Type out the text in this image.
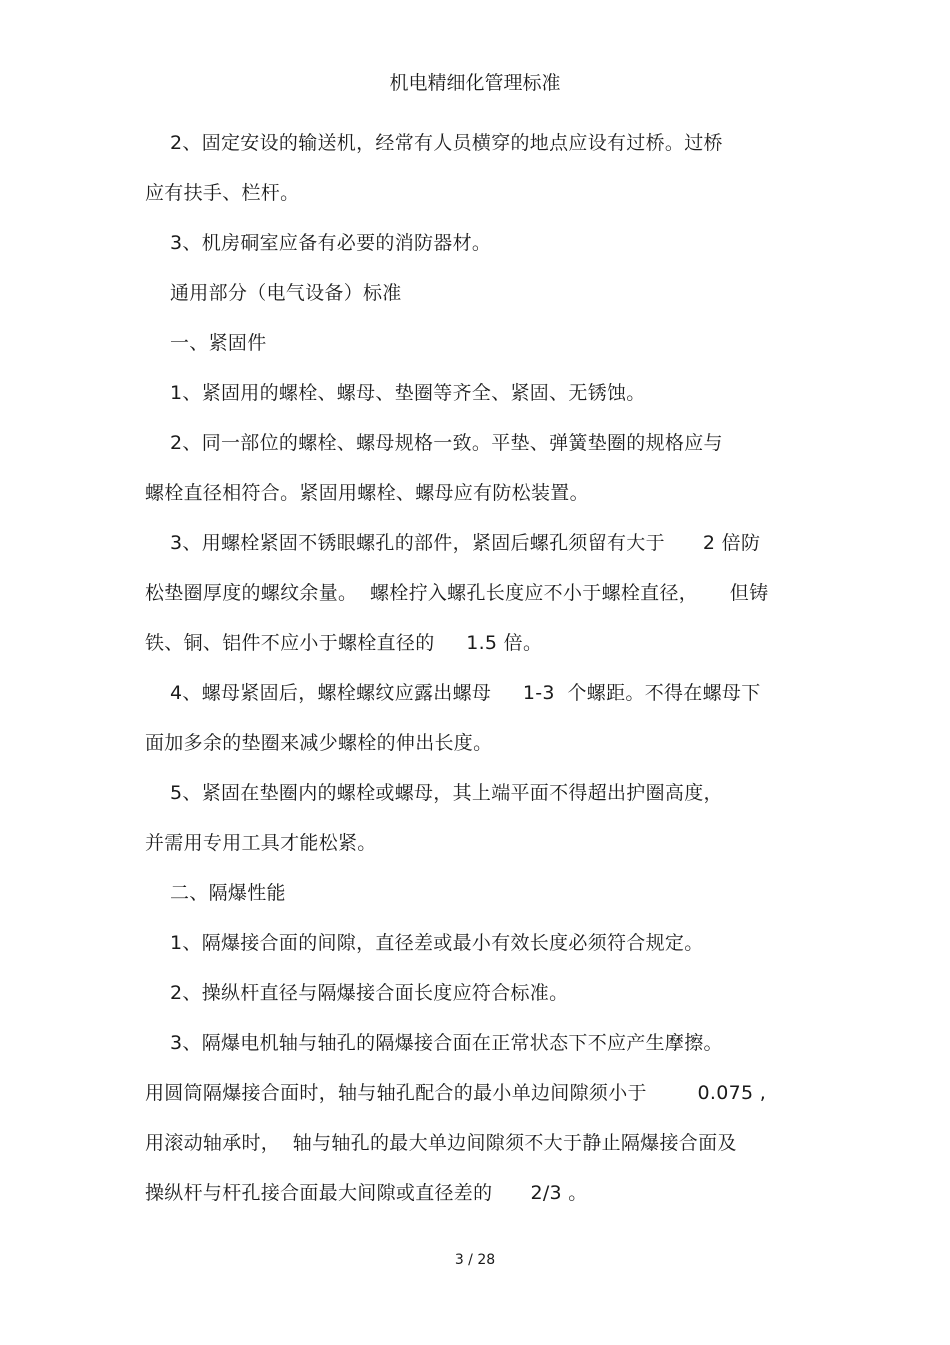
机电精细化管理标准
2、固定安设的输送机，经常有人员横穿的地点应设有过桥。过桥
应有扶手、栏杆。
3、机房硐室应备有必要的消防器材。
通用部分（电气设备）标准
一、紧固件
1、紧固用的螺栓、螺母、垫圈等齐全、紧固、无锈蚀。
2、同一部位的螺栓、螺母规格一致。平垫、弹簧垫圈的规格应与
螺栓直径相符合。紧固用螺栓、螺母应有防松装置。
3、用螺栓紧固不锈眼螺孔的部件，紧固后螺孔须留有大于      2 倍防
松垫圈厚度的螺纹余量。  螺栓拧入螺孔长度应不小于螺栓直径，     但铸
铁、铜、铝件不应小于螺栓直径的     1.5 倍。
4、螺母紧固后，螺栓螺纹应露出螺母     1-3  个螺距。不得在螺母下
面加多余的垫圈来减少螺栓的伸出长度。
5、紧固在垫圈内的螺栓或螺母，其上端平面不得超出护圈高度，
并需用专用工具才能松紧。
二、隔爆性能
1、隔爆接合面的间隙，直径差或最小有效长度必须符合规定。
2、操纵杆直径与隔爆接合面长度应符合标准。
3、隔爆电机轴与轴孔的隔爆接合面在正常状态下不应产生摩擦。
用圆筒隔爆接合面时，轴与轴孔配合的最小单边间隙须小于        0.075 ,
用滚动轴承时，  轴与轴孔的最大单边间隙须不大于静止隔爆接合面及
操纵杆与杆孔接合面最大间隙或直径差的      2/3 。
3 / 28
